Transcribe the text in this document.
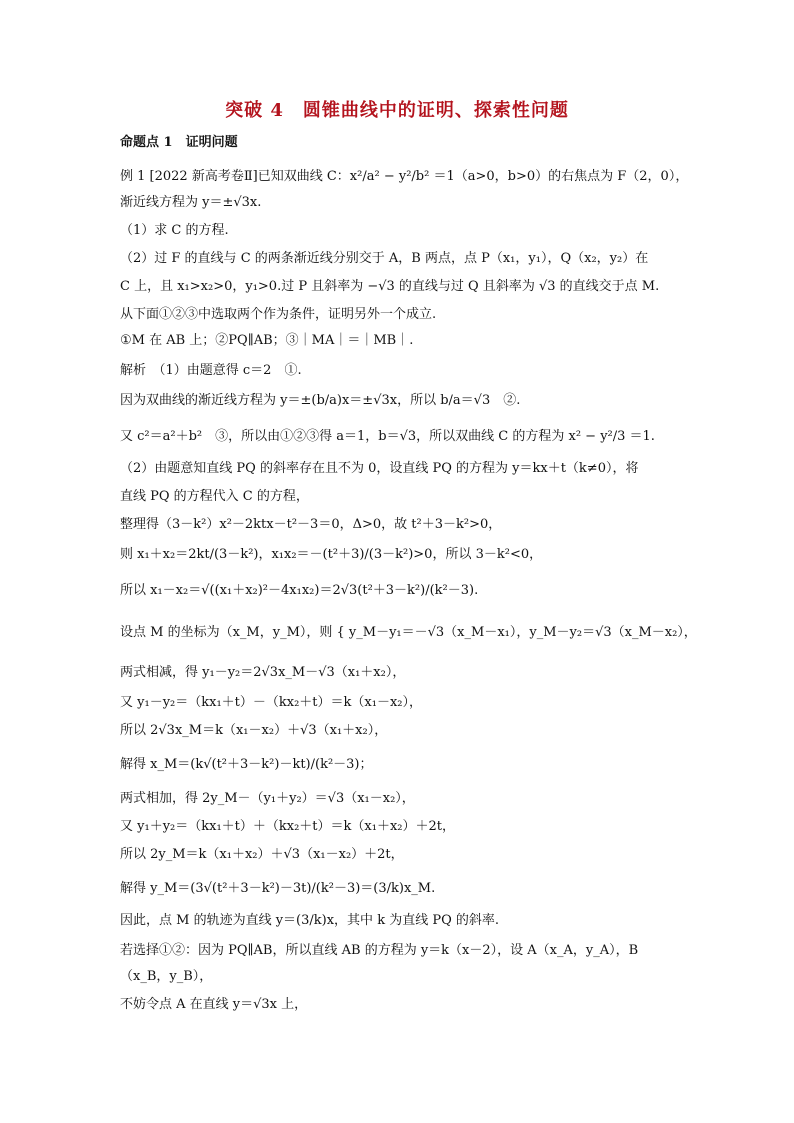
突破 4　圆锥曲线中的证明、探索性问题
命题点 1　证明问题
例 1 [2022 新高考卷Ⅱ]已知双曲线 C：x²/a² − y²/b² ＝1（a>0，b>0）的右焦点为 F（2，0），
渐近线方程为 y＝±√3x.
（1）求 C 的方程.
（2）过 F 的直线与 C 的两条渐近线分别交于 A，B 两点，点 P（x₁，y₁），Q（x₂，y₂）在
C 上，且 x₁>x₂>0，y₁>0.过 P 且斜率为 −√3 的直线与过 Q 且斜率为 √3 的直线交于点 M.
从下面①②③中选取两个作为条件，证明另外一个成立.
①M 在 AB 上；②PQ∥AB；③｜MA｜＝｜MB｜.
解析　（1）由题意得 c＝2　①.
因为双曲线的渐近线方程为 y＝±(b/a)x＝±√3x，所以 b/a＝√3　②.
又 c²＝a²＋b²　③，所以由①②③得 a＝1，b＝√3，所以双曲线 C 的方程为 x² − y²/3 ＝1.
（2）由题意知直线 PQ 的斜率存在且不为 0，设直线 PQ 的方程为 y＝kx＋t（k≠0），将
直线 PQ 的方程代入 C 的方程，
整理得（3－k²）x²－2ktx－t²－3＝0，Δ>0，故 t²＋3－k²>0，
则 x₁＋x₂＝2kt/(3－k²)，x₁x₂＝－(t²＋3)/(3－k²)>0，所以 3－k²<0，
所以 x₁－x₂＝√((x₁＋x₂)²－4x₁x₂)＝2√3(t²＋3－k²)/(k²－3).
设点 M 的坐标为（x_M，y_M），则 { y_M－y₁＝－√3（x_M－x₁），y_M－y₂＝√3（x_M－x₂），
两式相减，得 y₁－y₂＝2√3x_M－√3（x₁＋x₂），
又 y₁－y₂＝（kx₁＋t）－（kx₂＋t）＝k（x₁－x₂），
所以 2√3x_M＝k（x₁－x₂）＋√3（x₁＋x₂），
解得 x_M＝(k√(t²＋3－k²)－kt)/(k²－3)；
两式相加，得 2y_M－（y₁＋y₂）＝√3（x₁－x₂），
又 y₁＋y₂＝（kx₁＋t）＋（kx₂＋t）＝k（x₁＋x₂）＋2t，
所以 2y_M＝k（x₁＋x₂）＋√3（x₁－x₂）＋2t，
解得 y_M＝(3√(t²＋3－k²)－3t)/(k²－3)＝(3/k)x_M.
因此，点 M 的轨迹为直线 y＝(3/k)x，其中 k 为直线 PQ 的斜率.
若选择①②：因为 PQ∥AB，所以直线 AB 的方程为 y＝k（x－2），设 A（x_A，y_A），B
（x_B，y_B），
不妨令点 A 在直线 y＝√3x 上，
